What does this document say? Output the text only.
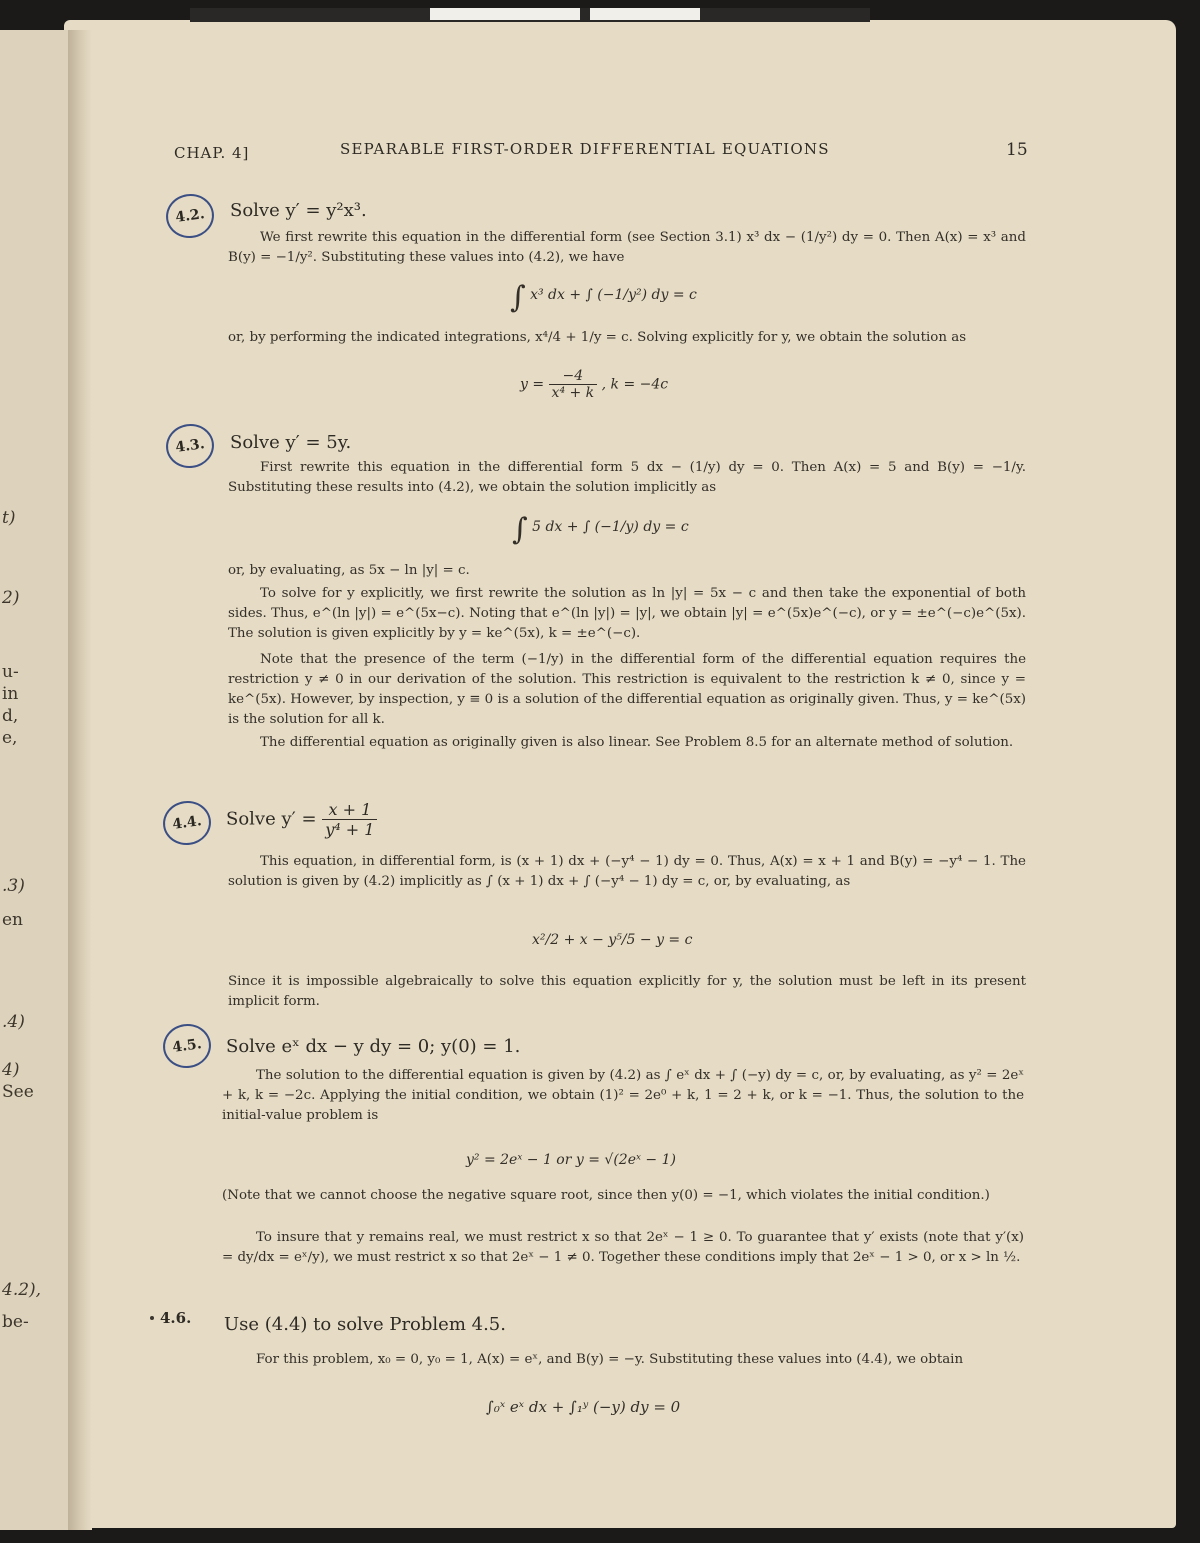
t)
2)
u-
in
d,
e,
.3)
en
.4)
4)
See
4.2),
be-
CHAP. 4]	SEPARABLE FIRST-ORDER DIFFERENTIAL EQUATIONS	15
4.2.	Solve y′ = y²x³.
We first rewrite this equation in the differential form (see Section 3.1) x³ dx − (1/y²) dy = 0. Then A(x) = x³ and B(y) = −1/y². Substituting these values into (4.2), we have
∫ x³ dx + ∫ (−1/y²) dy = c
or, by performing the indicated integrations, x⁴/4 + 1/y = c. Solving explicitly for y, we obtain the solution as
$y = \frac{-4}{\text{x⁴ + k}}$ , k = −4c
4.3.	Solve y′ = 5y.
First rewrite this equation in the differential form 5 dx − (1/y) dy = 0. Then A(x) = 5 and B(y) = −1/y. Substituting these results into (4.2), we obtain the solution implicitly as
∫ 5 dx + ∫ (−1/y) dy = c
or, by evaluating, as 5x − ln |y| = c.
To solve for y explicitly, we first rewrite the solution as ln |y| = 5x − c and then take the exponential of both sides. Thus, e^(ln |y|) = e^(5x−c). Noting that e^(ln |y|) = |y|, we obtain |y| = e^(5x)e^(−c), or y = ±e^(−c)e^(5x). The solution is given explicitly by y = ke^(5x), k = ±e^(−c).
Note that the presence of the term (−1/y) in the differential form of the differential equation requires the restriction y ≠ 0 in our derivation of the solution. This restriction is equivalent to the restriction k ≠ 0, since y = ke^(5x). However, by inspection, y ≡ 0 is a solution of the differential equation as originally given. Thus, y = ke^(5x) is the solution for all k.
The differential equation as originally given is also linear. See Problem 8.5 for an alternate method of solution.
4.4.	Solve $y' = \frac{x + 1}{\text{y⁴ + 1}}$
This equation, in differential form, is (x + 1) dx + (−y⁴ − 1) dy = 0. Thus, A(x) = x + 1 and B(y) = −y⁴ − 1. The solution is given by (4.2) implicitly as ∫ (x + 1) dx + ∫ (−y⁴ − 1) dy = c, or, by evaluating, as
x²/2 + x − y⁵/5 − y = c
Since it is impossible algebraically to solve this equation explicitly for y, the solution must be left in its present implicit form.
4.5.	Solve eˣ dx − y dy = 0; y(0) = 1.
The solution to the differential equation is given by (4.2) as ∫ eˣ dx + ∫ (−y) dy = c, or, by evaluating, as y² = 2eˣ + k, k = −2c. Applying the initial condition, we obtain (1)² = 2e⁰ + k, 1 = 2 + k, or k = −1. Thus, the solution to the initial-value problem is
y² = 2eˣ − 1 or y = √(2eˣ − 1)
(Note that we cannot choose the negative square root, since then y(0) = −1, which violates the initial condition.)
To insure that y remains real, we must restrict x so that 2eˣ − 1 ≥ 0. To guarantee that y′ exists (note that y′(x) = dy/dx = eˣ/y), we must restrict x so that 2eˣ − 1 ≠ 0. Together these conditions imply that 2eˣ − 1 > 0, or x > ln ½.
4.6. Use (4.4) to solve Problem 4.5.
For this problem, x₀ = 0, y₀ = 1, A(x) = eˣ, and B(y) = −y. Substituting these values into (4.4), we obtain
∫₀ˣ eˣ dx + ∫₁ʸ (−y) dy = 0
